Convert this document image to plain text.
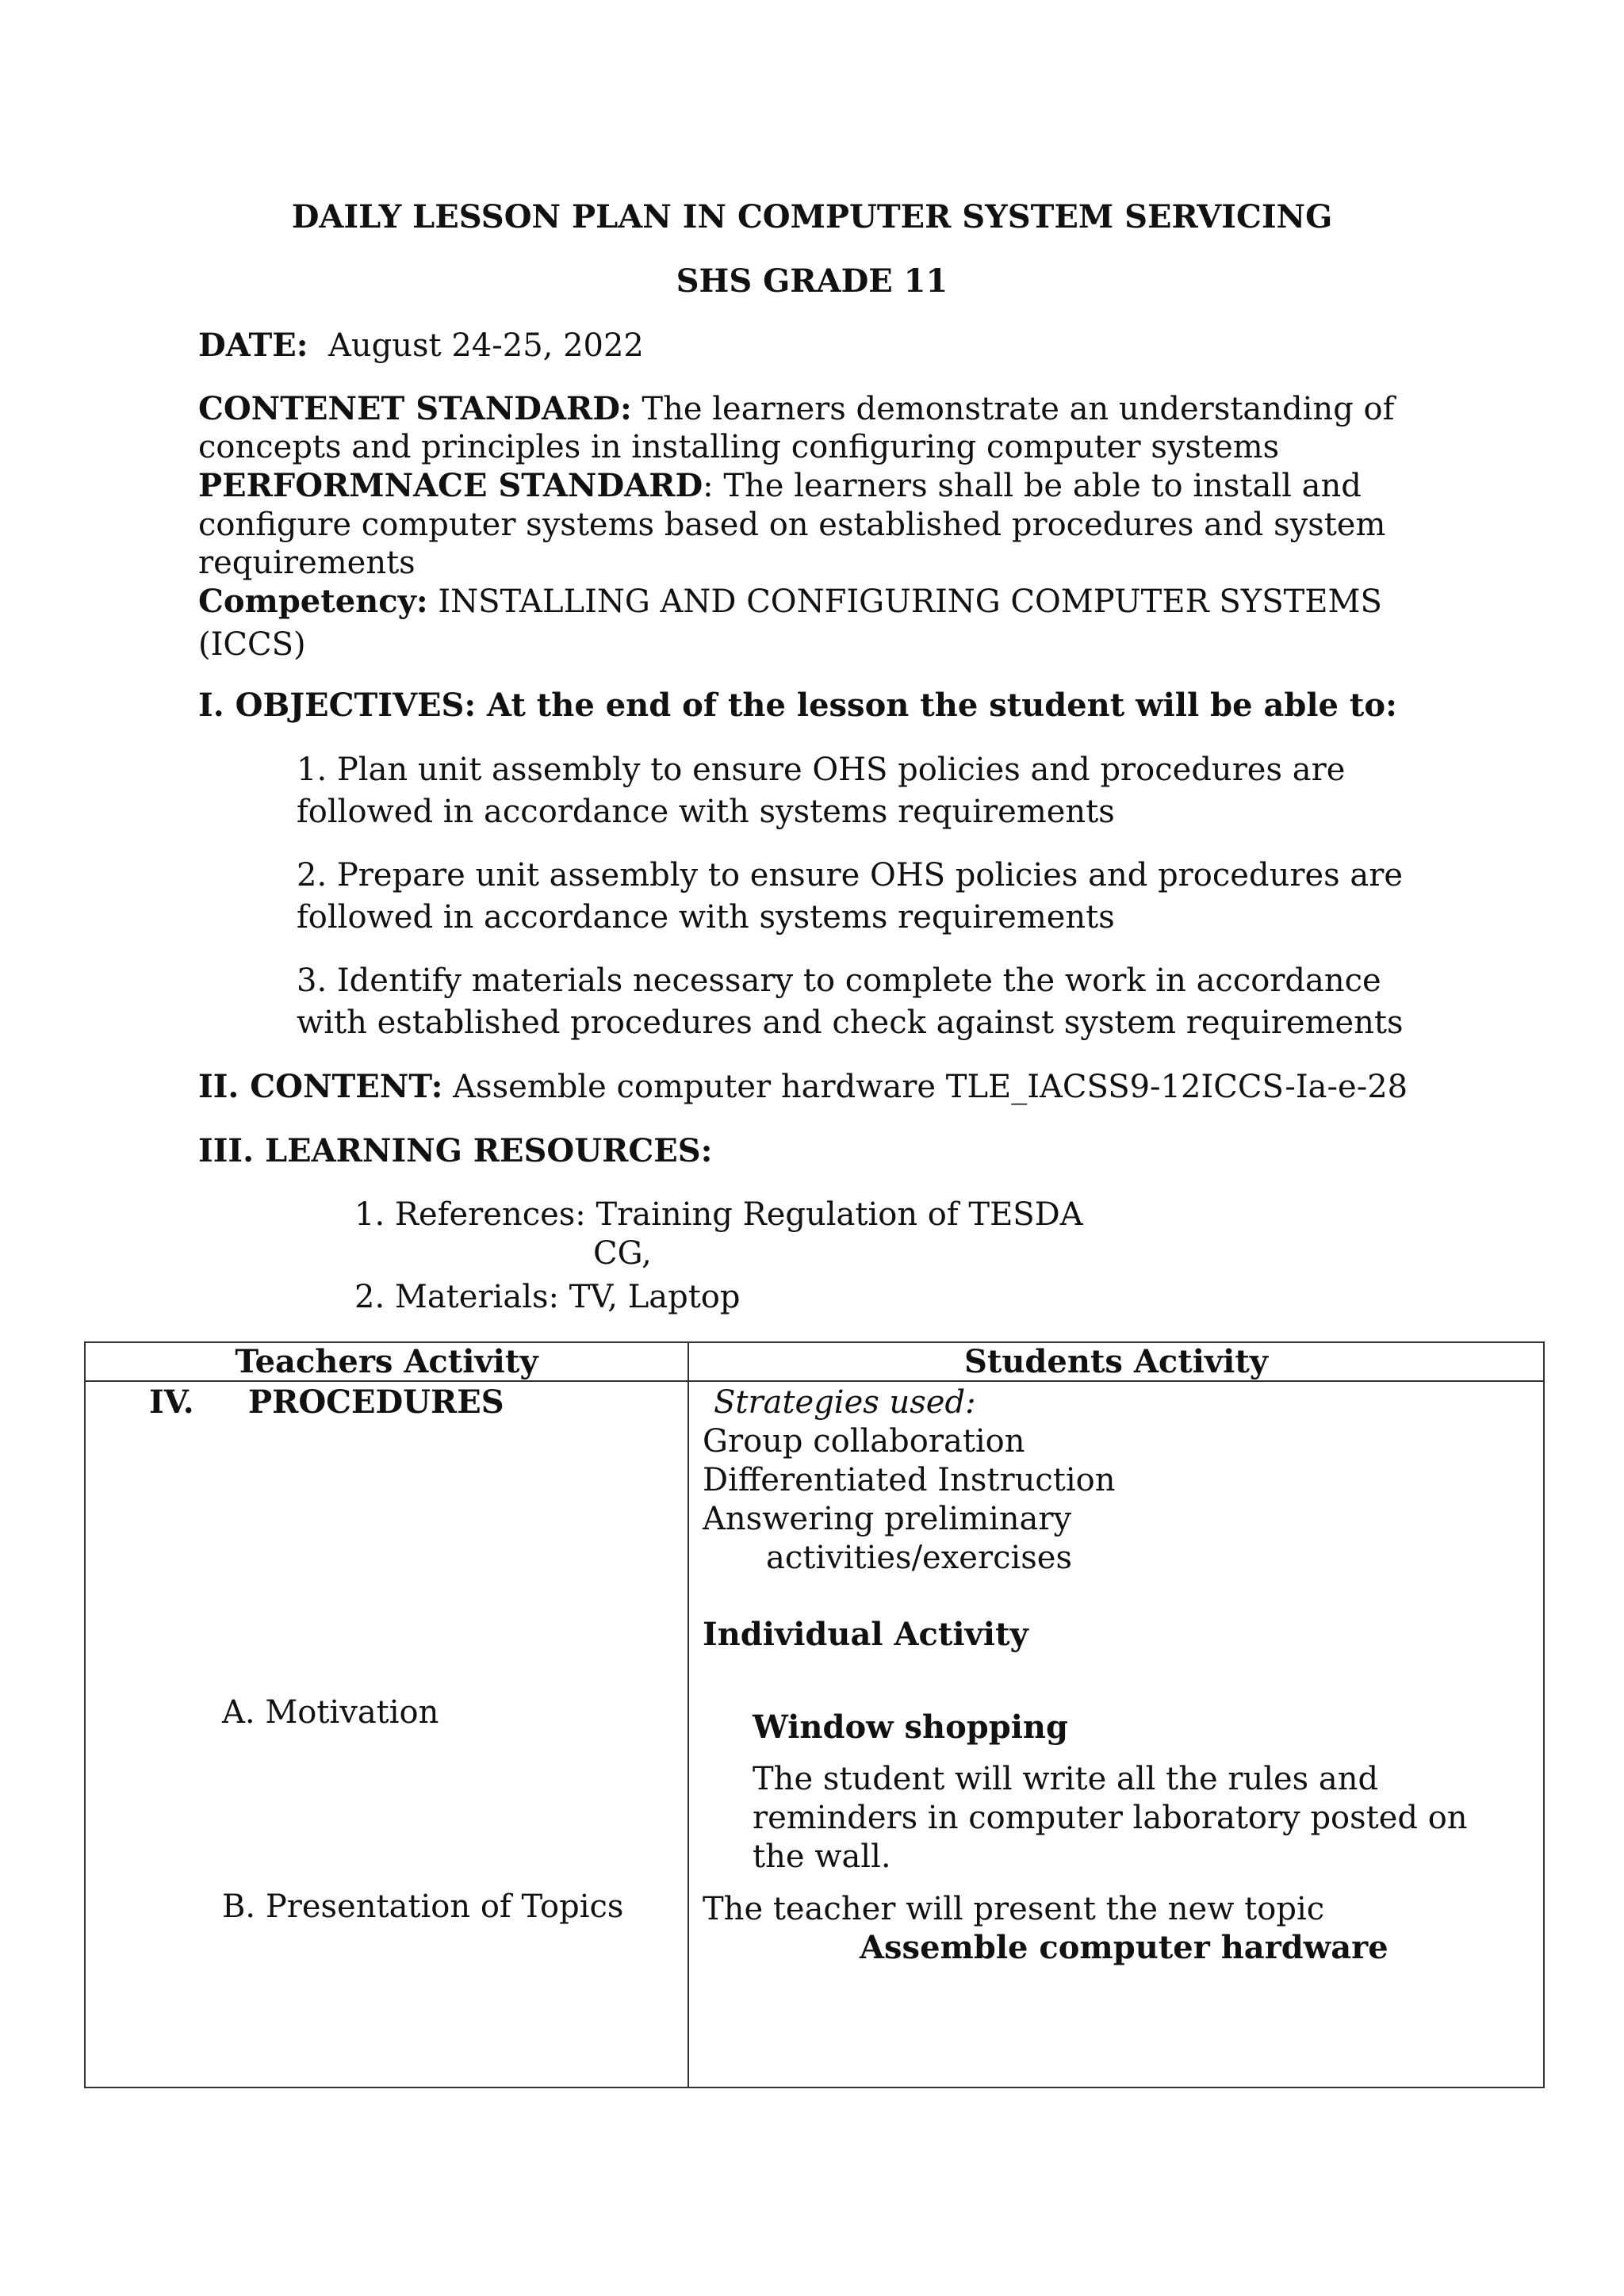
DAILY LESSON PLAN IN COMPUTER SYSTEM SERVICING
SHS GRADE 11
DATE: August 24-25, 2022
CONTENET STANDARD: The learners demonstrate an understanding of
concepts and principles in installing configuring computer systems
PERFORMNACE STANDARD: The learners shall be able to install and
configure computer systems based on established procedures and system
requirements
Competency: INSTALLING AND CONFIGURING COMPUTER SYSTEMS
(ICCS)
I. OBJECTIVES: At the end of the lesson the student will be able to:
1. Plan unit assembly to ensure OHS policies and procedures are
followed in accordance with systems requirements
2. Prepare unit assembly to ensure OHS policies and procedures are
followed in accordance with systems requirements
3. Identify materials necessary to complete the work in accordance
with established procedures and check against system requirements
II. CONTENT: Assemble computer hardware TLE_IACSS9-12ICCS-Ia-e-28
III. LEARNING RESOURCES:
1. References: Training Regulation of TESDA
CG,
2. Materials: TV, Laptop
Teachers Activity	Students Activity
IV. PROCEDURES
A. Motivation
B. Presentation of Topics
Strategies used:
Group collaboration
Differentiated Instruction
Answering preliminary
activities/exercises
Individual Activity
Window shopping
The student will write all the rules and
reminders in computer laboratory posted on
the wall.
The teacher will present the new topic
Assemble computer hardware
